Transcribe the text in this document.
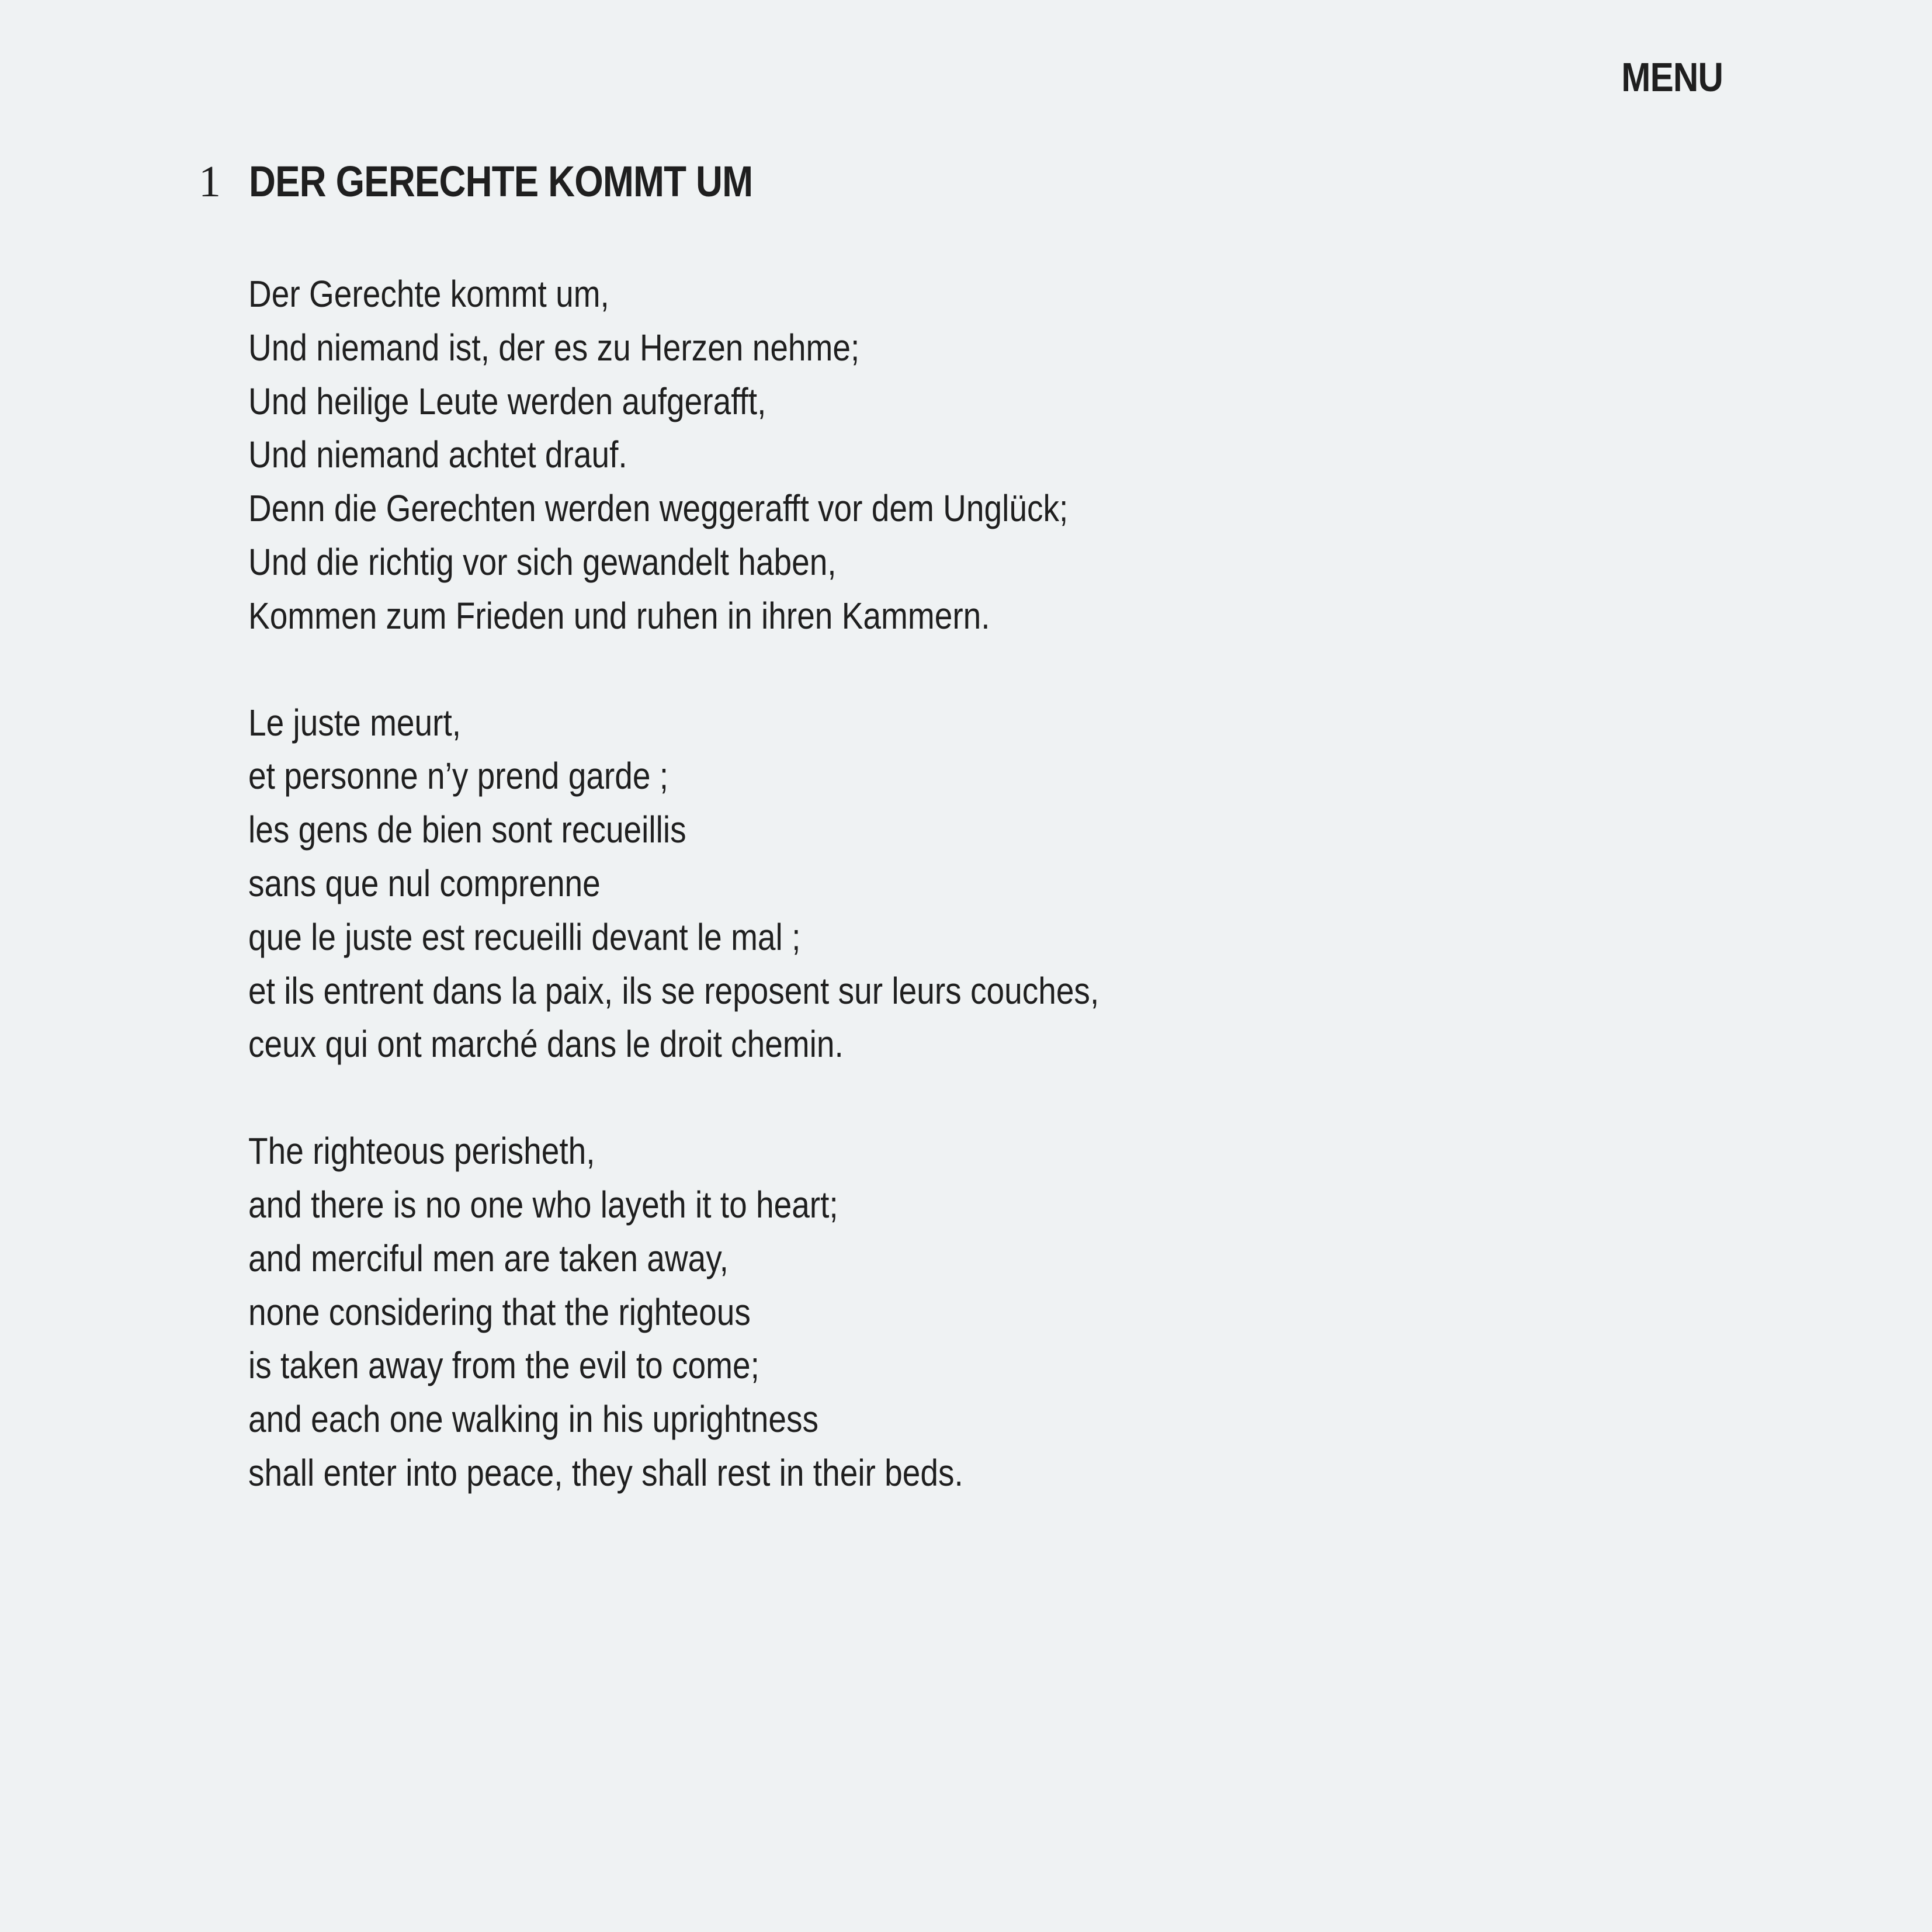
MENU
1 DER GERECHTE KOMMT UM
Der Gerechte kommt um,
Und niemand ist, der es zu Herzen nehme;
Und heilige Leute werden aufgerafft,
Und niemand achtet drauf.
Denn die Gerechten werden weggerafft vor dem Unglück;
Und die richtig vor sich gewandelt haben,
Kommen zum Frieden und ruhen in ihren Kammern.
Le juste meurt,
et personne n’y prend garde ;
les gens de bien sont recueillis
sans que nul comprenne
que le juste est recueilli devant le mal ;
et ils entrent dans la paix, ils se reposent sur leurs couches,
ceux qui ont marché dans le droit chemin.
The righteous perisheth,
and there is no one who layeth it to heart;
and merciful men are taken away,
none considering that the righteous
is taken away from the evil to come;
and each one walking in his uprightness
shall enter into peace, they shall rest in their beds.
